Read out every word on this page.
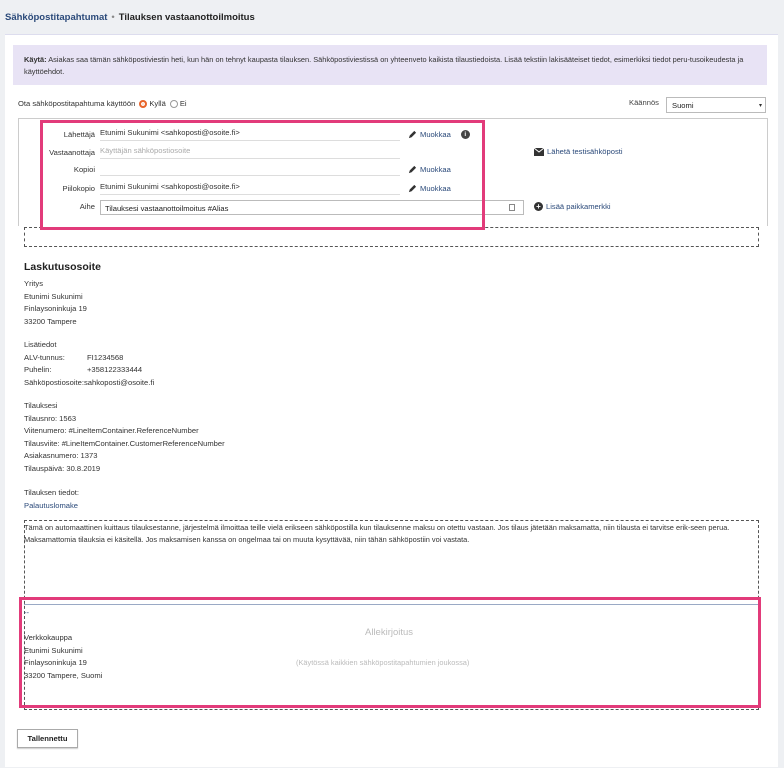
Sähköpostitapahtumat • Tilauksen vastaanottoilmoitus
Käytä: Asiakas saa tämän sähköpostiviestin heti, kun hän on tehnyt kaupasta tilauksen. Sähköpostiviestissä on yhteenveto kaikista tilaustiedoista. Lisää tekstiin lakisääteiset tiedot, esimerkiksi tiedot peru-tusoikeudesta ja käyttöehdot.
Ota sähköpostitapahtuma käyttöön Kyllä Ei	Käännös	Suomi	▾
Lähettäjä Etunimi Sukunimi <sahkoposti@osoite.fi>	Muokkaa	i
Vastaanottaja Käyttäjän sähköpostiosoite	Lähetä testisähköposti
Kopioi	Muokkaa
Piilokopio Etunimi Sukunimi <sahkoposti@osoite.fi>	Muokkaa
Aihe	Tilauksesi vastaanottoilmoitus #Alias	+ Lisää paikkamerkki
Laskutusosoite
Yritys
Etunimi Sukunimi
Finlaysoninkuja 19
33200 Tampere
Lisätiedot
ALV-tunnus:	FI1234568
Puhelin:	+358122333444
Sähköpostiosoite: sahkoposti@osoite.fi
Tilauksesi
Tilausnro: 1563
Viitenumero: #LineItemContainer.ReferenceNumber
Tilausviite: #LineItemContainer.CustomerReferenceNumber
Asiakasnumero: 1373
Tilauspäivä: 30.8.2019
Tilauksen tiedot:
Palautuslomake
Tämä on automaattinen kuittaus tilauksestanne, järjestelmä ilmoittaa teille vielä erikseen sähköpostilla kun tilauksenne maksu on otettu vastaan. Jos tilaus jätetään maksamatta, niin tilausta ei tarvitse erik-seen perua. Maksamattomia tilauksia ei käsitellä. Jos maksamisen kanssa on ongelmaa tai on muuta kysyttävää, niin tähän sähköpostiin voi vastata.
--
Verkkokauppa
Etunimi Sukunimi
Finlaysoninkuja 19
33200 Tampere, Suomi
Allekirjoitus
(Käytössä kaikkien sähköpostitapahtumien joukossa)
Tallennettu
